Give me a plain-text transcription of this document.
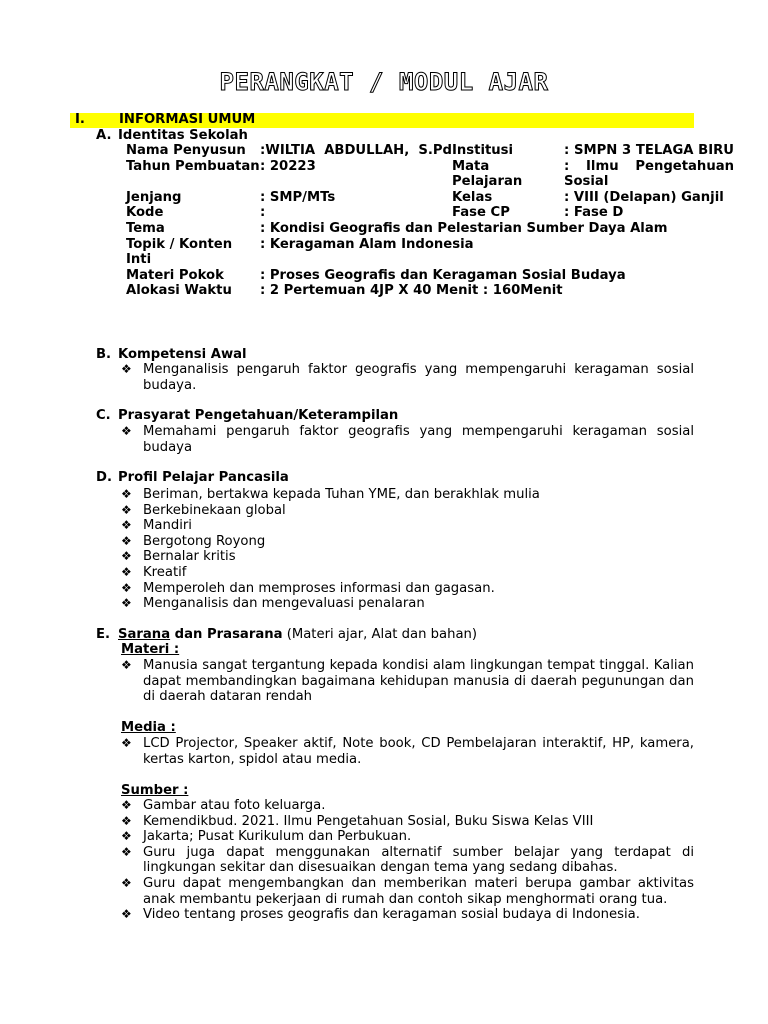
PERANGKAT / MODUL AJAR
I.	INFORMASI UMUM
A. Identitas Sekolah
Nama Penyusun	:WILTIA ABDULLAH, S.Pd	Institusi	: SMPN 3 TELAGA BIRU
Tahun Pembuatan	: 20223	Mata Pelajaran	: Ilmu Pengetahuan Sosial
Jenjang	: SMP/MTs	Kelas	: VIII (Delapan) Ganjil
Kode	:	Fase CP	: Fase D
Tema	: Kondisi Geografis dan Pelestarian Sumber Daya Alam		
Topik / Konten Inti	: Keragaman Alam Indonesia		
Materi Pokok	: Proses Geografis dan Keragaman Sosial Budaya		
Alokasi Waktu	: 2 Pertemuan 4JP X 40 Menit : 160Menit		
B. Kompetensi Awal
❖ Menganalisis pengaruh faktor geografis yang mempengaruhi keragaman sosial budaya.
C. Prasyarat Pengetahuan/Keterampilan
❖ Memahami pengaruh faktor geografis yang mempengaruhi keragaman sosial budaya
D. Profil Pelajar Pancasila
❖ Beriman, bertakwa kepada Tuhan YME, dan berakhlak mulia
❖ Berkebinekaan global
❖ Mandiri
❖ Bergotong Royong
❖ Bernalar kritis
❖ Kreatif
❖ Memperoleh dan memproses informasi dan gagasan.
❖ Menganalisis dan mengevaluasi penalaran
E. Sarana dan Prasarana (Materi ajar, Alat dan bahan)
Materi :
❖ Manusia sangat tergantung kepada kondisi alam lingkungan tempat tinggal. Kalian dapat membandingkan bagaimana kehidupan manusia di daerah pegunungan dan di daerah dataran rendah
Media :
❖ LCD Projector, Speaker aktif, Note book, CD Pembelajaran interaktif, HP, kamera, kertas karton, spidol atau media.
Sumber :
❖ Gambar atau foto keluarga.
❖ Kemendikbud. 2021. Ilmu Pengetahuan Sosial, Buku Siswa Kelas VIII
❖ Jakarta; Pusat Kurikulum dan Perbukuan.
❖ Guru juga dapat menggunakan alternatif sumber belajar yang terdapat di lingkungan sekitar dan disesuaikan dengan tema yang sedang dibahas.
❖ Guru dapat mengembangkan dan memberikan materi berupa gambar aktivitas anak membantu pekerjaan di rumah dan contoh sikap menghormati orang tua.
❖ Video tentang proses geografis dan keragaman sosial budaya di Indonesia.
